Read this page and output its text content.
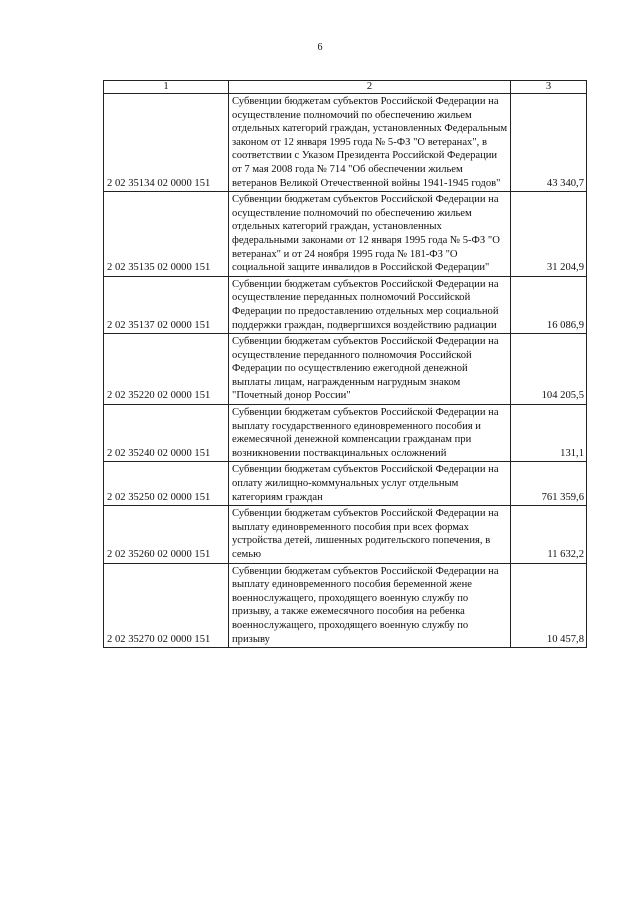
6
1	2	3
2 02 35134 02 0000 151	Субвенции бюджетам субъектов Российской Федерации на осуществление полномочий по обеспечению жильем отдельных категорий граждан, установленных Федеральным законом от 12 января 1995 года № 5-ФЗ "О ветеранах", в соответствии с Указом Президента Российской Федерации от 7 мая 2008 года № 714 "Об обеспечении жильем ветеранов Великой Отечественной войны 1941-1945 годов"	43 340,7
2 02 35135 02 0000 151	Субвенции бюджетам субъектов Российской Федерации на осуществление полномочий по обеспечению жильем отдельных категорий граждан, установленных федеральными законами от 12 января 1995 года № 5-ФЗ "О ветеранах" и от 24 ноября 1995 года № 181-ФЗ "О социальной защите инвалидов в Российской Федерации"	31 204,9
2 02 35137 02 0000 151	Субвенции бюджетам субъектов Российской Федерации на осуществление переданных полномочий Российской Федерации по предоставлению отдельных мер социальной поддержки граждан, подвергшихся воздействию радиации	16 086,9
2 02 35220 02 0000 151	Субвенции бюджетам субъектов Российской Федерации на осуществление переданного полномочия Российской Федерации по осуществлению ежегодной денежной выплаты лицам, награжденным нагрудным знаком "Почетный донор России"	104 205,5
2 02 35240 02 0000 151	Субвенции бюджетам субъектов Российской Федерации на выплату государственного единовременного пособия и ежемесячной денежной компенсации гражданам при возникновении поствакцинальных осложнений	131,1
2 02 35250 02 0000 151	Субвенции бюджетам субъектов Российской Федерации на оплату жилищно-коммунальных услуг отдельным категориям граждан	761 359,6
2 02 35260 02 0000 151	Субвенции бюджетам субъектов Российской Федерации на выплату единовременного пособия при всех формах устройства детей, лишенных родительского попечения, в семью	11 632,2
2 02 35270 02 0000 151	Субвенции бюджетам субъектов Российской Федерации на выплату единовременного пособия беременной жене военнослужащего, проходящего военную службу по призыву, а также ежемесячного пособия на ребенка военнослужащего, проходящего военную службу по призыву	10 457,8
